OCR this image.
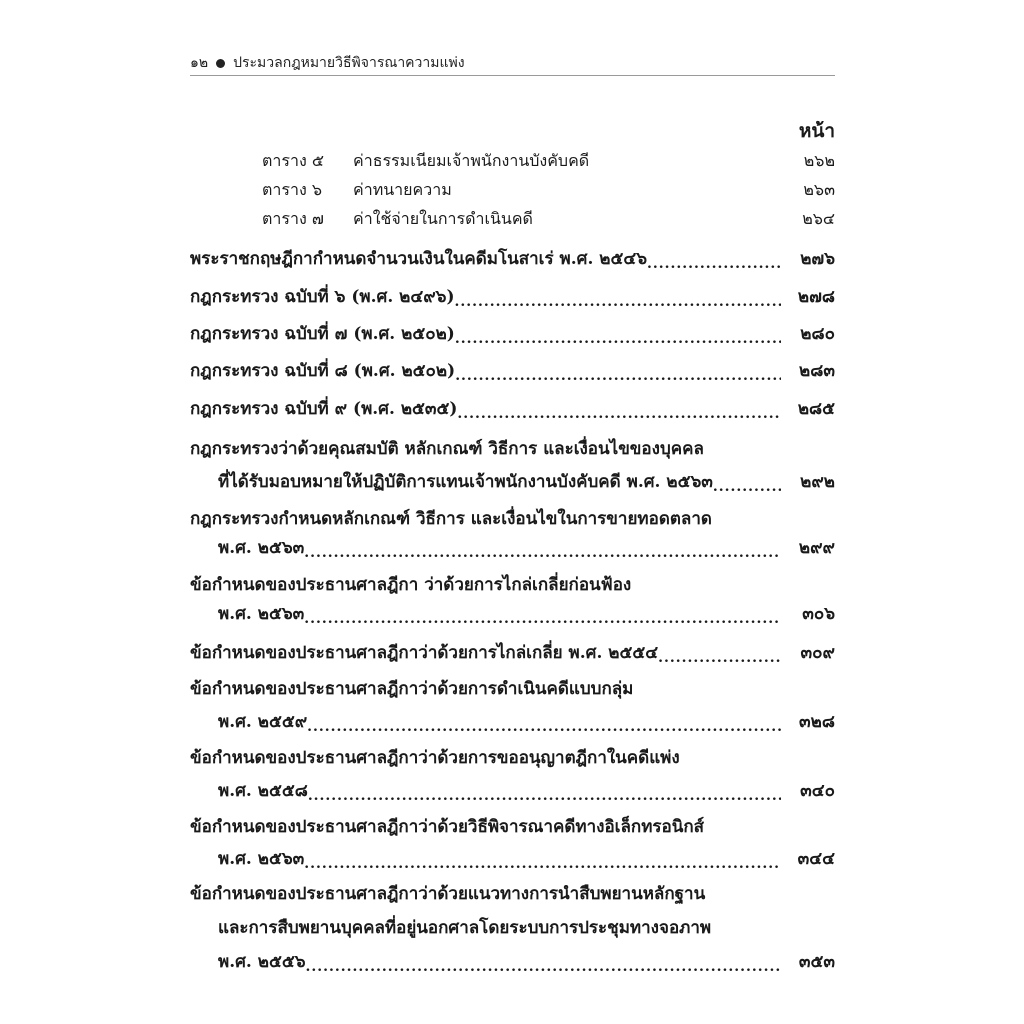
๑๒ ประมวลกฎหมายวิธีพิจารณาความแพ่ง
หน้า
ตาราง ๕	ค่าธรรมเนียมเจ้าพนักงานบังคับคดี	๒๖๒
ตาราง ๖	ค่าทนายความ	๒๖๓
ตาราง ๗	ค่าใช้จ่ายในการดำเนินคดี	๒๖๔
พระราชกฤษฎีกากำหนดจำนวนเงินในคดีมโนสาเร่ พ.ศ. ๒๕๔๖ .....	๒๗๖
กฎกระทรวง ฉบับที่ ๖ (พ.ศ. ๒๔๙๖) .....	๒๗๘
กฎกระทรวง ฉบับที่ ๗ (พ.ศ. ๒๕๐๒) .....	๒๘๐
กฎกระทรวง ฉบับที่ ๘ (พ.ศ. ๒๕๐๒) .....	๒๘๓
กฎกระทรวง ฉบับที่ ๙ (พ.ศ. ๒๕๓๕) .....	๒๘๕
กฎกระทรวงว่าด้วยคุณสมบัติ หลักเกณฑ์ วิธีการ และเงื่อนไขของบุคคล
ที่ได้รับมอบหมายให้ปฏิบัติการแทนเจ้าพนักงานบังคับคดี พ.ศ. ๒๕๖๓ .....	๒๙๒
กฎกระทรวงกำหนดหลักเกณฑ์ วิธีการ และเงื่อนไขในการขายทอดตลาด
พ.ศ. ๒๕๖๓ .....	๒๙๙
ข้อกำหนดของประธานศาลฎีกา ว่าด้วยการไกล่เกลี่ยก่อนฟ้อง
พ.ศ. ๒๕๖๓ .....	๓๐๖
ข้อกำหนดของประธานศาลฎีกาว่าด้วยการไกล่เกลี่ย พ.ศ. ๒๕๕๔ .....	๓๐๙
ข้อกำหนดของประธานศาลฎีกาว่าด้วยการดำเนินคดีแบบกลุ่ม
พ.ศ. ๒๕๕๙ .....	๓๒๘
ข้อกำหนดของประธานศาลฎีกาว่าด้วยการขออนุญาตฎีกาในคดีแพ่ง
พ.ศ. ๒๕๕๘ .....	๓๔๐
ข้อกำหนดของประธานศาลฎีกาว่าด้วยวิธีพิจารณาคดีทางอิเล็กทรอนิกส์
พ.ศ. ๒๕๖๓ .....	๓๔๔
ข้อกำหนดของประธานศาลฎีกาว่าด้วยแนวทางการนำสืบพยานหลักฐาน
และการสืบพยานบุคคลที่อยู่นอกศาลโดยระบบการประชุมทางจอภาพ
พ.ศ. ๒๕๕๖ .....	๓๕๓
